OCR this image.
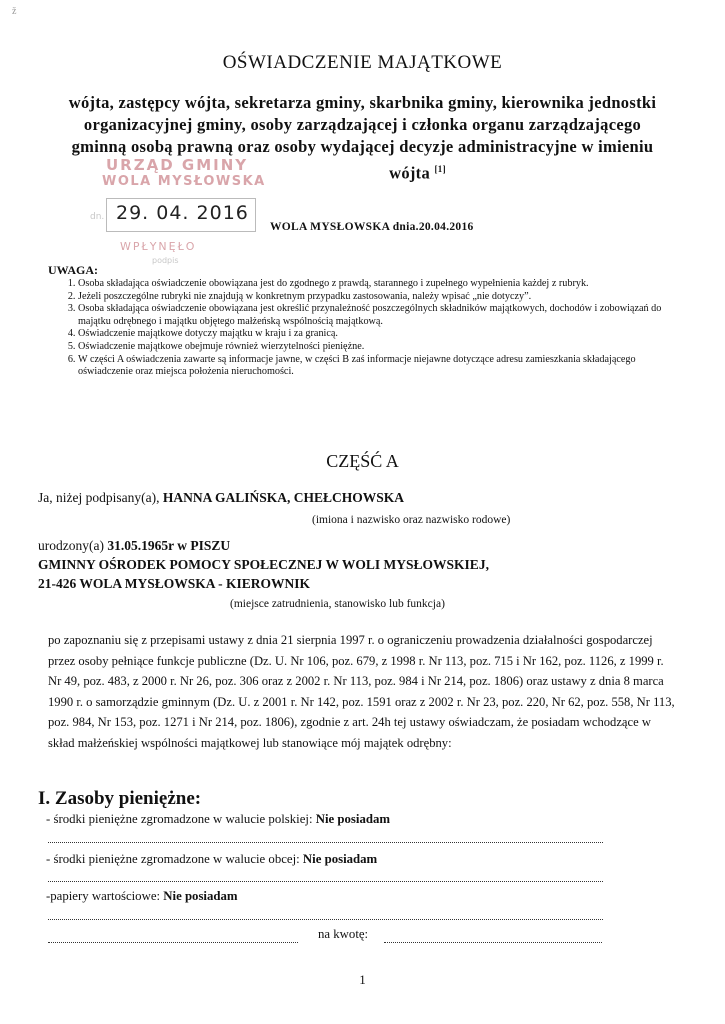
ž
OŚWIADCZENIE MAJĄTKOWE
wójta, zastępcy wójta, sekretarza gminy, skarbnika gminy, kierownika jednostki
organizacyjnej gminy, osoby zarządzającej i członka organu zarządzającego
gminną osobą prawną oraz osoby wydającej decyzje administracyjne w imieniu

wójta [1]
URZĄD GMINY
WOLA MYSŁOWSKA
dn. 29. 04. 2016
WPŁYNĘŁO
podpis
WOLA MYSŁOWSKA dnia.20.04.2016
UWAGA:
1. Osoba składająca oświadczenie obowiązana jest do zgodnego z prawdą, starannego i zupełnego wypełnienia każdej z rubryk.
2. Jeżeli poszczególne rubryki nie znajdują w konkretnym przypadku zastosowania, należy wpisać „nie dotyczy”.
3. Osoba składająca oświadczenie obowiązana jest określić przynależność poszczególnych składników majątkowych, dochodów i zobowiązań do majątku odrębnego i majątku objętego małżeńską wspólnością majątkową.
4. Oświadczenie majątkowe dotyczy majątku w kraju i za granicą.
5. Oświadczenie majątkowe obejmuje również wierzytelności pieniężne.
6. W części A oświadczenia zawarte są informacje jawne, w części B zaś informacje niejawne dotyczące adresu zamieszkania składającego oświadczenie oraz miejsca położenia nieruchomości.
CZĘŚĆ A
Ja, niżej podpisany(a), HANNA GALIŃSKA, CHEŁCHOWSKA
(imiona i nazwisko oraz nazwisko rodowe)
urodzony(a) 31.05.1965r w PISZU
GMINNY OŚRODEK POMOCY SPOŁECZNEJ W WOLI MYSŁOWSKIEJ,
21-426 WOLA MYSŁOWSKA - KIEROWNIK
(miejsce zatrudnienia, stanowisko lub funkcja)
po zapoznaniu się z przepisami ustawy z dnia 21 sierpnia 1997 r. o ograniczeniu prowadzenia działalności gospodarczej przez osoby pełniące funkcje publiczne (Dz. U. Nr 106, poz. 679, z 1998 r. Nr 113, poz. 715 i Nr 162, poz. 1126, z 1999 r. Nr 49, poz. 483, z 2000 r. Nr 26, poz. 306 oraz z 2002 r. Nr 113, poz. 984 i Nr 214, poz. 1806) oraz ustawy z dnia 8 marca 1990 r. o samorządzie gminnym (Dz. U. z 2001 r. Nr 142, poz. 1591 oraz z 2002 r. Nr 23, poz. 220, Nr 62, poz. 558, Nr 113, poz. 984, Nr 153, poz. 1271 i Nr 214, poz. 1806), zgodnie z art. 24h tej ustawy oświadczam, że posiadam wchodzące w skład małżeńskiej wspólności majątkowej lub stanowiące mój majątek odrębny:
I. Zasoby pieniężne:
- środki pieniężne zgromadzone w walucie polskiej: Nie posiadam
- środki pieniężne zgromadzone w walucie obcej: Nie posiadam
-papiery wartościowe: Nie posiadam
na kwotę:
1
